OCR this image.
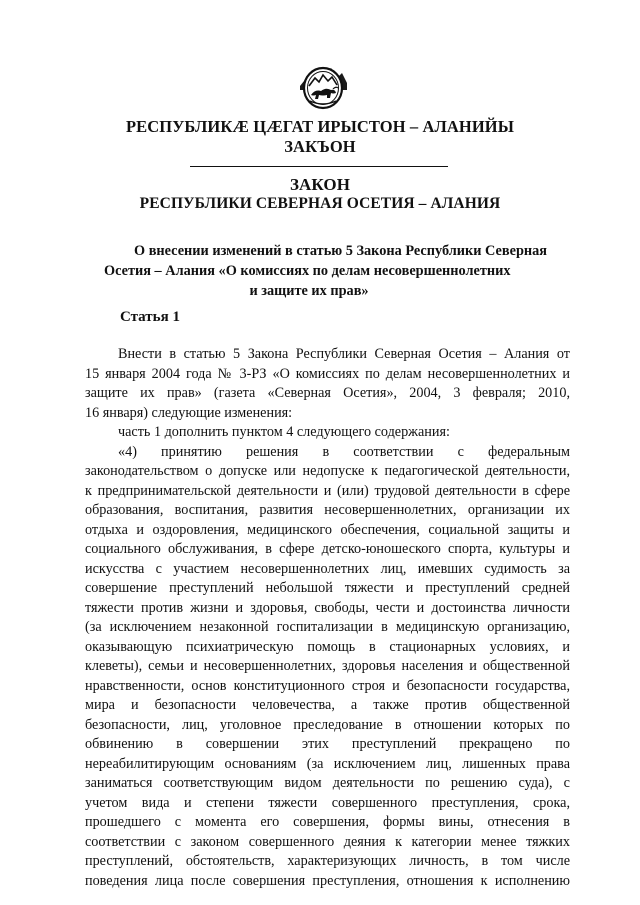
РЕСПУБЛИКÆ ЦÆГАТ ИРЫСТОН – АЛАНИЙЫ
ЗАКЪОН
ЗАКОН
РЕСПУБЛИКИ СЕВЕРНАЯ ОСЕТИЯ – АЛАНИЯ
О внесении изменений в статью 5 Закона Республики Северная
Осетия – Алания «О комиссиях по делам несовершеннолетних
и защите их прав»
Статья 1
Внести в статью 5 Закона Республики Северная Осетия – Алания от
15 января 2004 года № 3-РЗ «О комиссиях по делам несовершеннолетних и
защите их прав» (газета «Северная Осетия», 2004, 3 февраля; 2010,
16 января) следующие изменения:
часть 1 дополнить пунктом 4 следующего содержания:
«4) принятию решения в соответствии с федеральным
законодательством о допуске или недопуске к педагогической деятельности,
к предпринимательской деятельности и (или) трудовой деятельности в сфере
образования, воспитания, развития несовершеннолетних, организации их
отдыха и оздоровления, медицинского обеспечения, социальной защиты и
социального обслуживания, в сфере детско-юношеского спорта, культуры и
искусства с участием несовершеннолетних лиц, имевших судимость за
совершение преступлений небольшой тяжести и преступлений средней
тяжести против жизни и здоровья, свободы, чести и достоинства личности
(за исключением незаконной госпитализации в медицинскую организацию,
оказывающую психиатрическую помощь в стационарных условиях, и
клеветы), семьи и несовершеннолетних, здоровья населения и общественной
нравственности, основ конституционного строя и безопасности государства,
мира и безопасности человечества, а также против общественной
безопасности, лиц, уголовное преследование в отношении которых по
обвинению в совершении этих преступлений прекращено по
нереабилитирующим основаниям (за исключением лиц, лишенных права
заниматься соответствующим видом деятельности по решению суда), с
учетом вида и степени тяжести совершенного преступления, срока,
прошедшего с момента его совершения, формы вины, отнесения в
соответствии с законом совершенного деяния к категории менее тяжких
преступлений, обстоятельств, характеризующих личность, в том числе
поведения лица после совершения преступления, отношения к исполнению
